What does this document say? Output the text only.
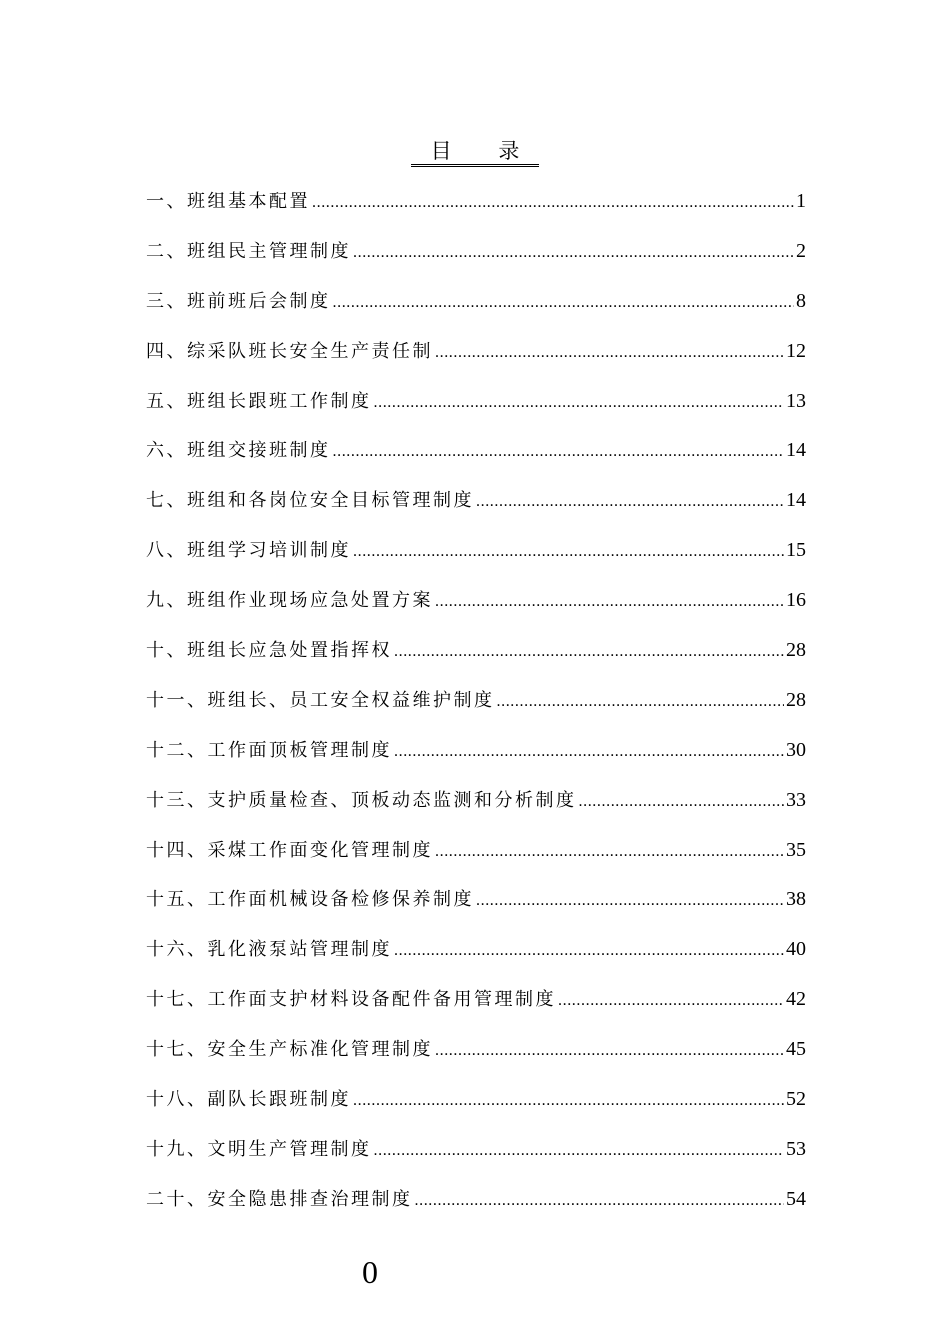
目 录
一、班组基本配置 .....	1
二、班组民主管理制度 .....	2
三、班前班后会制度 .....	8
四、综采队班长安全生产责任制 .....	12
五、班组长跟班工作制度 .....	13
六、班组交接班制度 .....	14
七、班组和各岗位安全目标管理制度 .....	14
八、班组学习培训制度 .....	15
九、班组作业现场应急处置方案 .....	16
十、班组长应急处置指挥权 .....	28
十一、班组长、员工安全权益维护制度 .....	28
十二、工作面顶板管理制度 .....	30
十三、支护质量检查、顶板动态监测和分析制度 .....	33
十四、采煤工作面变化管理制度 .....	35
十五、工作面机械设备检修保养制度 .....	38
十六、乳化液泵站管理制度 .....	40
十七、工作面支护材料设备配件备用管理制度 .....	42
十七、安全生产标准化管理制度 .....	45
十八、副队长跟班制度 .....	52
十九、文明生产管理制度 .....	53
二十、安全隐患排查治理制度 .....	54
0
